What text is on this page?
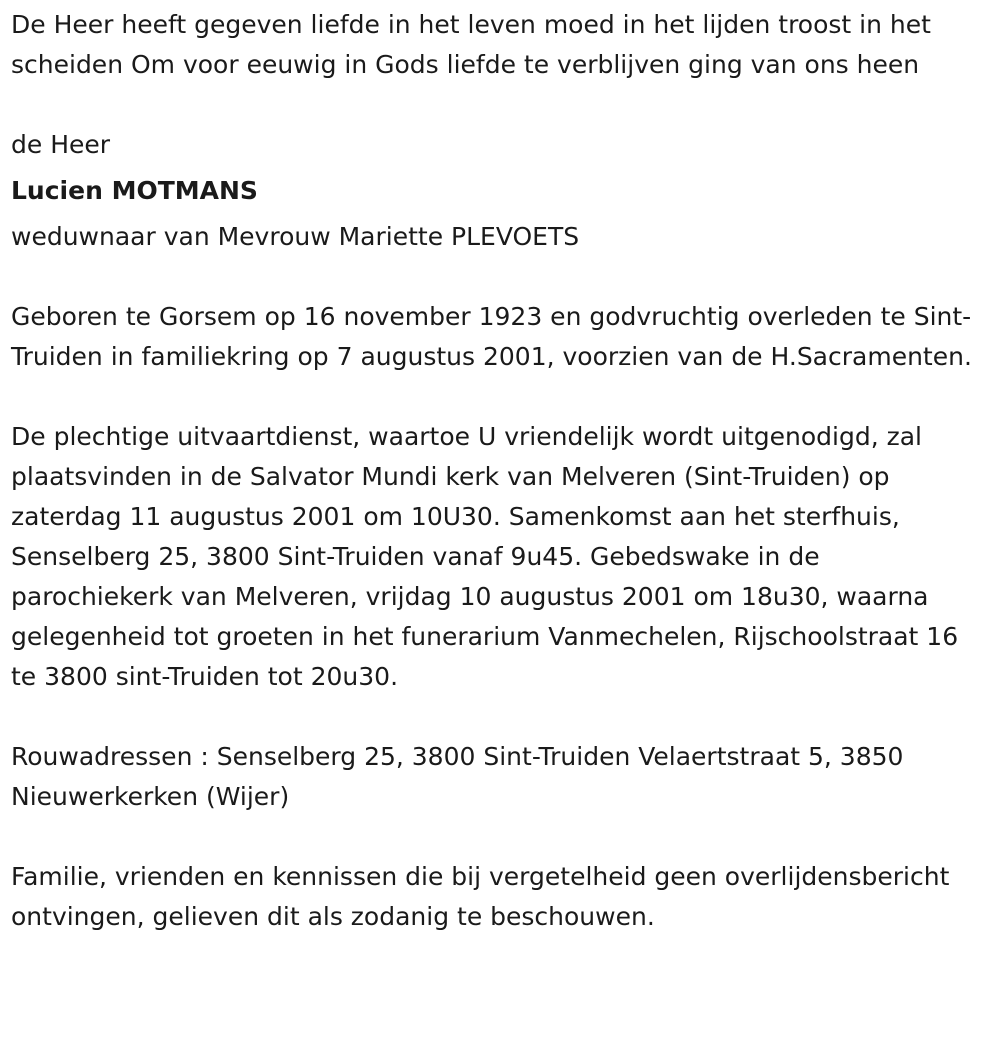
De Heer heeft gegeven liefde in het leven moed in het lijden troost in het scheiden Om voor eeuwig in Gods liefde te verblijven ging van ons heen

de Heer

Lucien MOTMANS

weduwnaar van Mevrouw Mariette PLEVOETS

Geboren te Gorsem op 16 november 1923 en godvruchtig overleden te Sint-Truiden in familiekring op 7 augustus 2001, voorzien van de H.Sacramenten.

De plechtige uitvaartdienst, waartoe U vriendelijk wordt uitgenodigd, zal plaatsvinden in de Salvator Mundi kerk van Melveren (Sint-Truiden) op zaterdag 11 augustus 2001 om 10U30. Samenkomst aan het sterfhuis, Senselberg 25, 3800 Sint-Truiden vanaf 9u45. Gebedswake in de parochiekerk van Melveren, vrijdag 10 augustus 2001 om 18u30, waarna gelegenheid tot groeten in het funerarium Vanmechelen, Rijschoolstraat 16 te 3800 sint-Truiden tot 20u30.

Rouwadressen : Senselberg 25, 3800 Sint-Truiden Velaertstraat 5, 3850 Nieuwerkerken (Wijer)

Familie, vrienden en kennissen die bij vergetelheid geen overlijdensbericht ontvingen, gelieven dit als zodanig te beschouwen.
